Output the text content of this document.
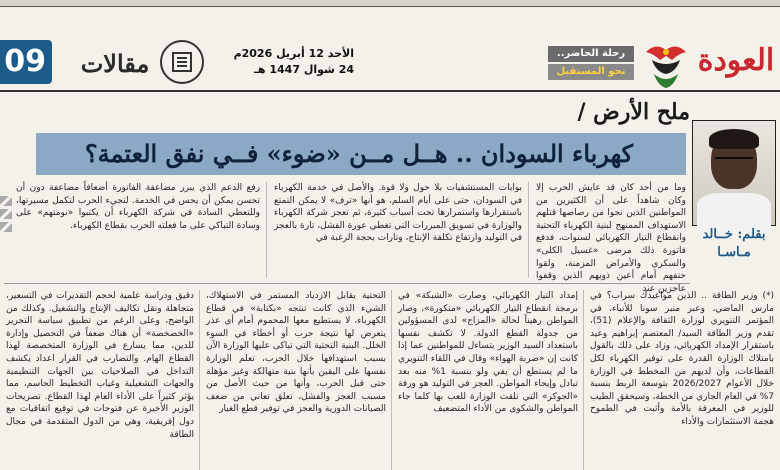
09	مقالات	الأحد 12 أبريل 2026م
24 شوال 1447 هـ
رحلة الحاضر..
نحو المستقبل العودة
ملح الأرض /
كهرباء السودان .. هــل مــن «ضوء» فــي نفق العتمة؟
بقلم: خــالد مـاسـا
وما من أحد كان قد عايش الحرب إلا وكان شاهداً على أن الكثيرين من المواطنين الذين نجوا من رصاصها قتلهم الاستهداف الممنهج لبنية الكهرباء التحتية وانقطاع التيار الكهربائي لسنوات، فدفع فاتورة ذلك مرضى «غسيل الكلى» والسكري والأمراض المزمنة، ولقوا حتفهم أمام أعين ذويهم الذين وقفوا عاجزين عند
بوابات المستشفيات بلا حول ولا قوة. والأصل في خدمة الكهرباء في السودان، حتى على أيام السلم، هو أنها «ترف» لا يمكن التمتع باستقرارها واستمرارها تحت أسباب كثيرة، ثم تعجز شركة الكهرباء والوزارة في تسويق المبررات التي تغطي عورة الفشل، تارة بالعجز في التوليد وارتفاع تكلفة الإنتاج، وتارات بحجة الرغبة في
رفع الدعم الذي يبرر مضاعفة الفاتورة أضعافاً مضاعفة دون أن تحسن يمكن أن يحس في الخدمة. لتجيء الحرب لتكمل مسيرتها، وللتعطي السادة في شركة الكهرباء أن يكتبوا «نومتهم» على وسادة التباكي على ما فعلته الحرب بقطاع الكهرباء.
(*) وزير الطاقة .. الذين مواعيدك سراب؟ في مارس الماضي، وعبر منبر سونا للأنباء، في المؤتمر التنويري لوزارة الثقافة والإعلام (51)، تقدم وزير الطاقة السيد/ المعتصم إبراهيم وعيد باستقرار الإمداد الكهربائي، وزاد على ذلك بالقول بامتلاك الوزارة القدرة على توفير الكهرباء لكل القطاعات، وأن لديهم من المخطط في الوزارة خلال الأعوام 2026/2027 بتوسعة الربط بنسبة 7% في العام الجاري من الخطة، وسيحقق الطيب للوزير في المعرفة بالأمة وأثبت في الطموح هجمة الاستثمارات والأداء
إمداد التيار الكهربائي، وصارت «الشبكة» في برمجة انقطاع التيار الكهربائي «منكورة»، وصار المواطن رهيناً لحالة «المزاج» لدى المسؤولين من جدولة القطع الدولة. لا تكشف نفسها باستعداد السيد الوزير يتساءل للمواطنين عما إذا كانت إن «ضربة الهواء» وقال في اللقاء التنويري ما لم يستطع أن يفي ولو بنسبة 1% منه بعد تبادل وإيحاء المواطن. العجز في التوليد هو ورقة «الجوكر» التي تلقت الوزارة للعب بها كلما جاء المواطن والشكوى من الأداء المتضعيف
التحتية يقابل الازدياد المستمر في الاستهلاك، الشيء الذي كانت تنتجه «بكتابة» في قطاع الكهرباء، لا يستطيع معها المحموم أمام أي عذر يتعرض لها نتيجة حرب أو أخطاء في السوء الخلل. البنية التحتية التي تباكى عليها الوزارة الآن بسبب استهدافها خلال الحرب، تعلم الوزارة نفسها على اليقين بأنها بنية متهالكة وغير مؤهلة حتى قبل الحرب، وأنها من حيث الأصل من مسبب العجز والفشل، تعلق تعاني من ضعف الصيانات الدورية والعجز في توفير قطع الغيار
دقيق ودراسة علمية لحجم التقديرات في التسعير، متجاهلة ونقل تكاليف الإنتاج والتشغيل. وكذلك من الواضح، وعلى الرغم من تطبيق سياسة التحرير «الخصخصة» أن هناك ضعفاً في التحصيل وإدارة للدين، مما يسارع في الوزارة المتخصصة لهذا القطاع الهام. والتضارب في القرار اعداد يكشف التداخل في الصلاحيات بين الجهات التنظيمية والجهات التشغيلية وغياب التخطيط الحاسم، مما يؤثر كثيراً على الأداء العام لهذا القطاع. تصريحات الوزير الأخيرة عن فتوحات في توقيع اتفاقيات مع دول إفريقية، وهي من الدول المتقدمة في مجال الطاقة
